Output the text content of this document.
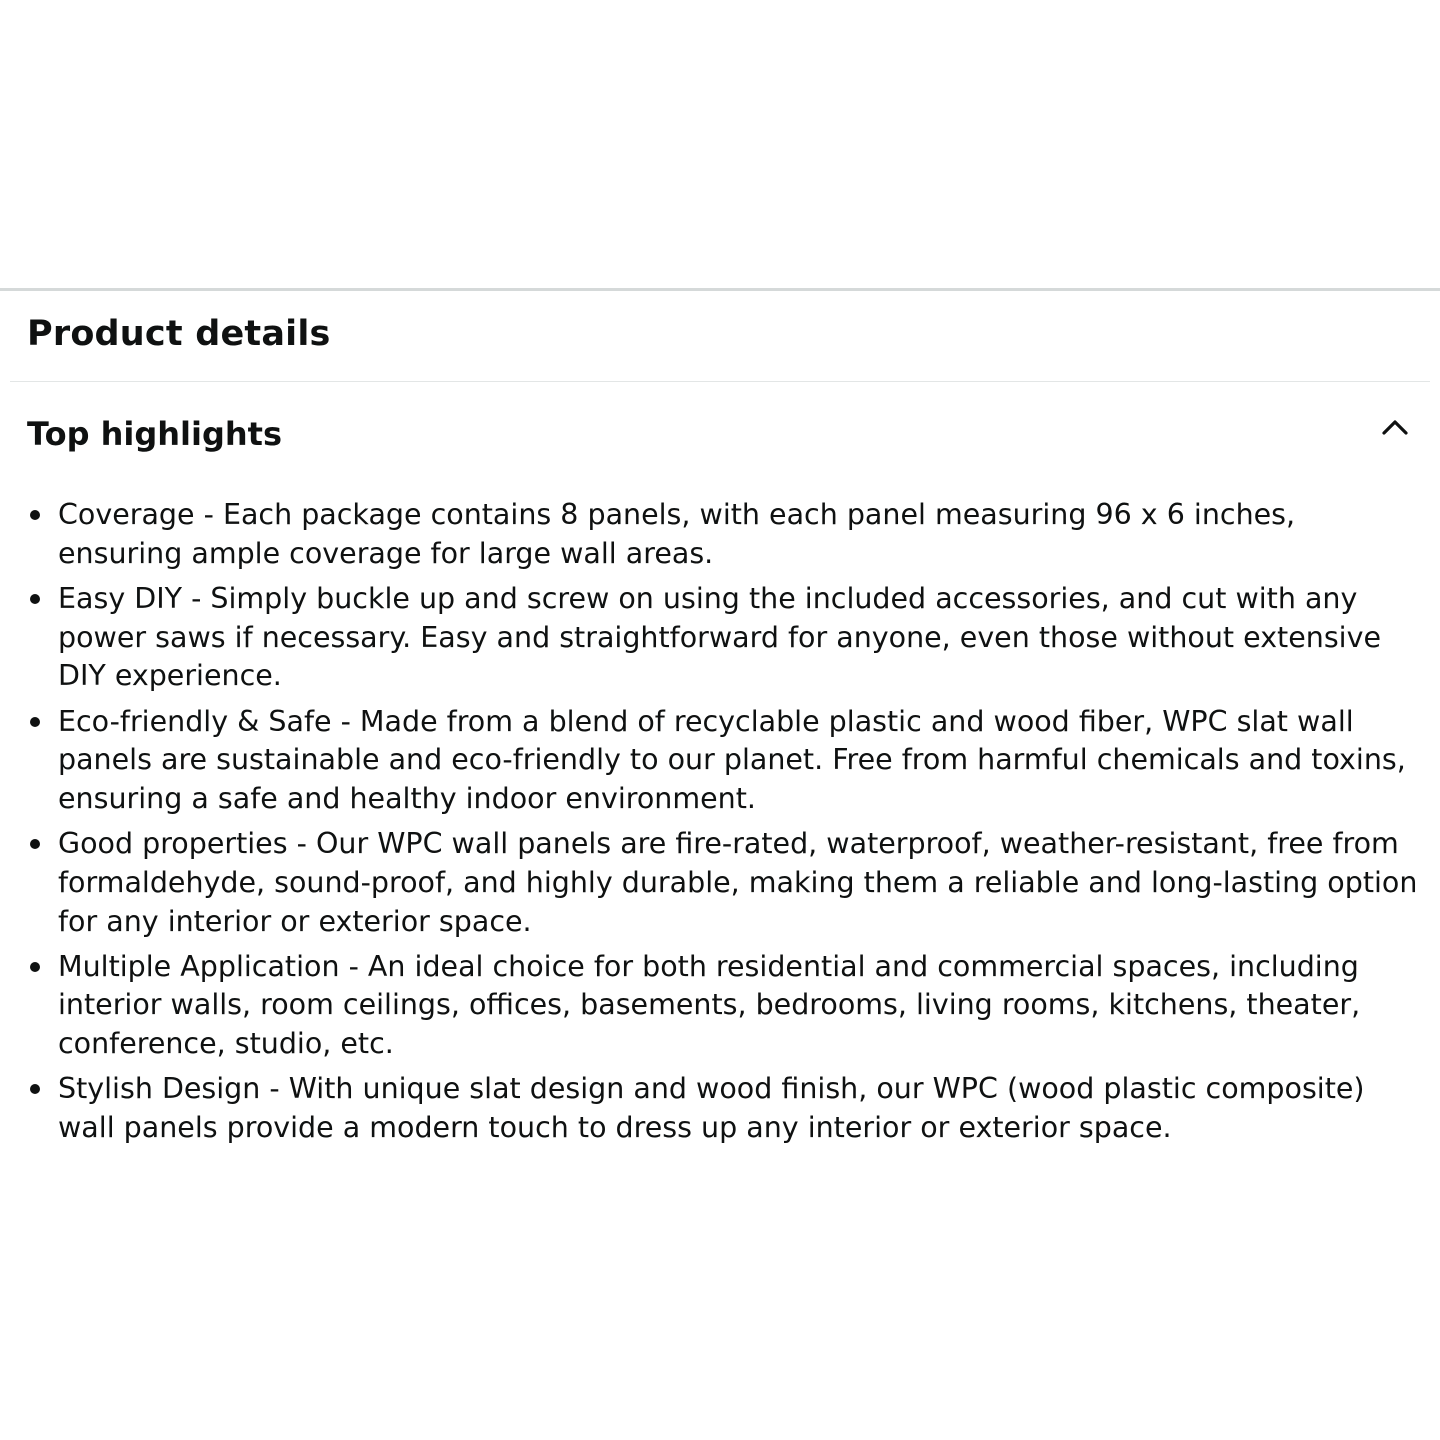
Product details
Top highlights
Coverage - Each package contains 8 panels, with each panel measuring 96 x 6 inches, ensuring ample coverage for large wall areas.
Easy DIY - Simply buckle up and screw on using the included accessories, and cut with any power saws if necessary. Easy and straightforward for anyone, even those without extensive DIY experience.
Eco-friendly & Safe - Made from a blend of recyclable plastic and wood fiber, WPC slat wall panels are sustainable and eco-friendly to our planet. Free from harmful chemicals and toxins, ensuring a safe and healthy indoor environment.
Good properties - Our WPC wall panels are fire-rated, waterproof, weather-resistant, free from formaldehyde, sound-proof, and highly durable, making them a reliable and long-lasting option for any interior or exterior space.
Multiple Application - An ideal choice for both residential and commercial spaces, including interior walls, room ceilings, offices, basements, bedrooms, living rooms, kitchens, theater, conference, studio, etc.
Stylish Design - With unique slat design and wood finish, our WPC (wood plastic composite) wall panels provide a modern touch to dress up any interior or exterior space.
